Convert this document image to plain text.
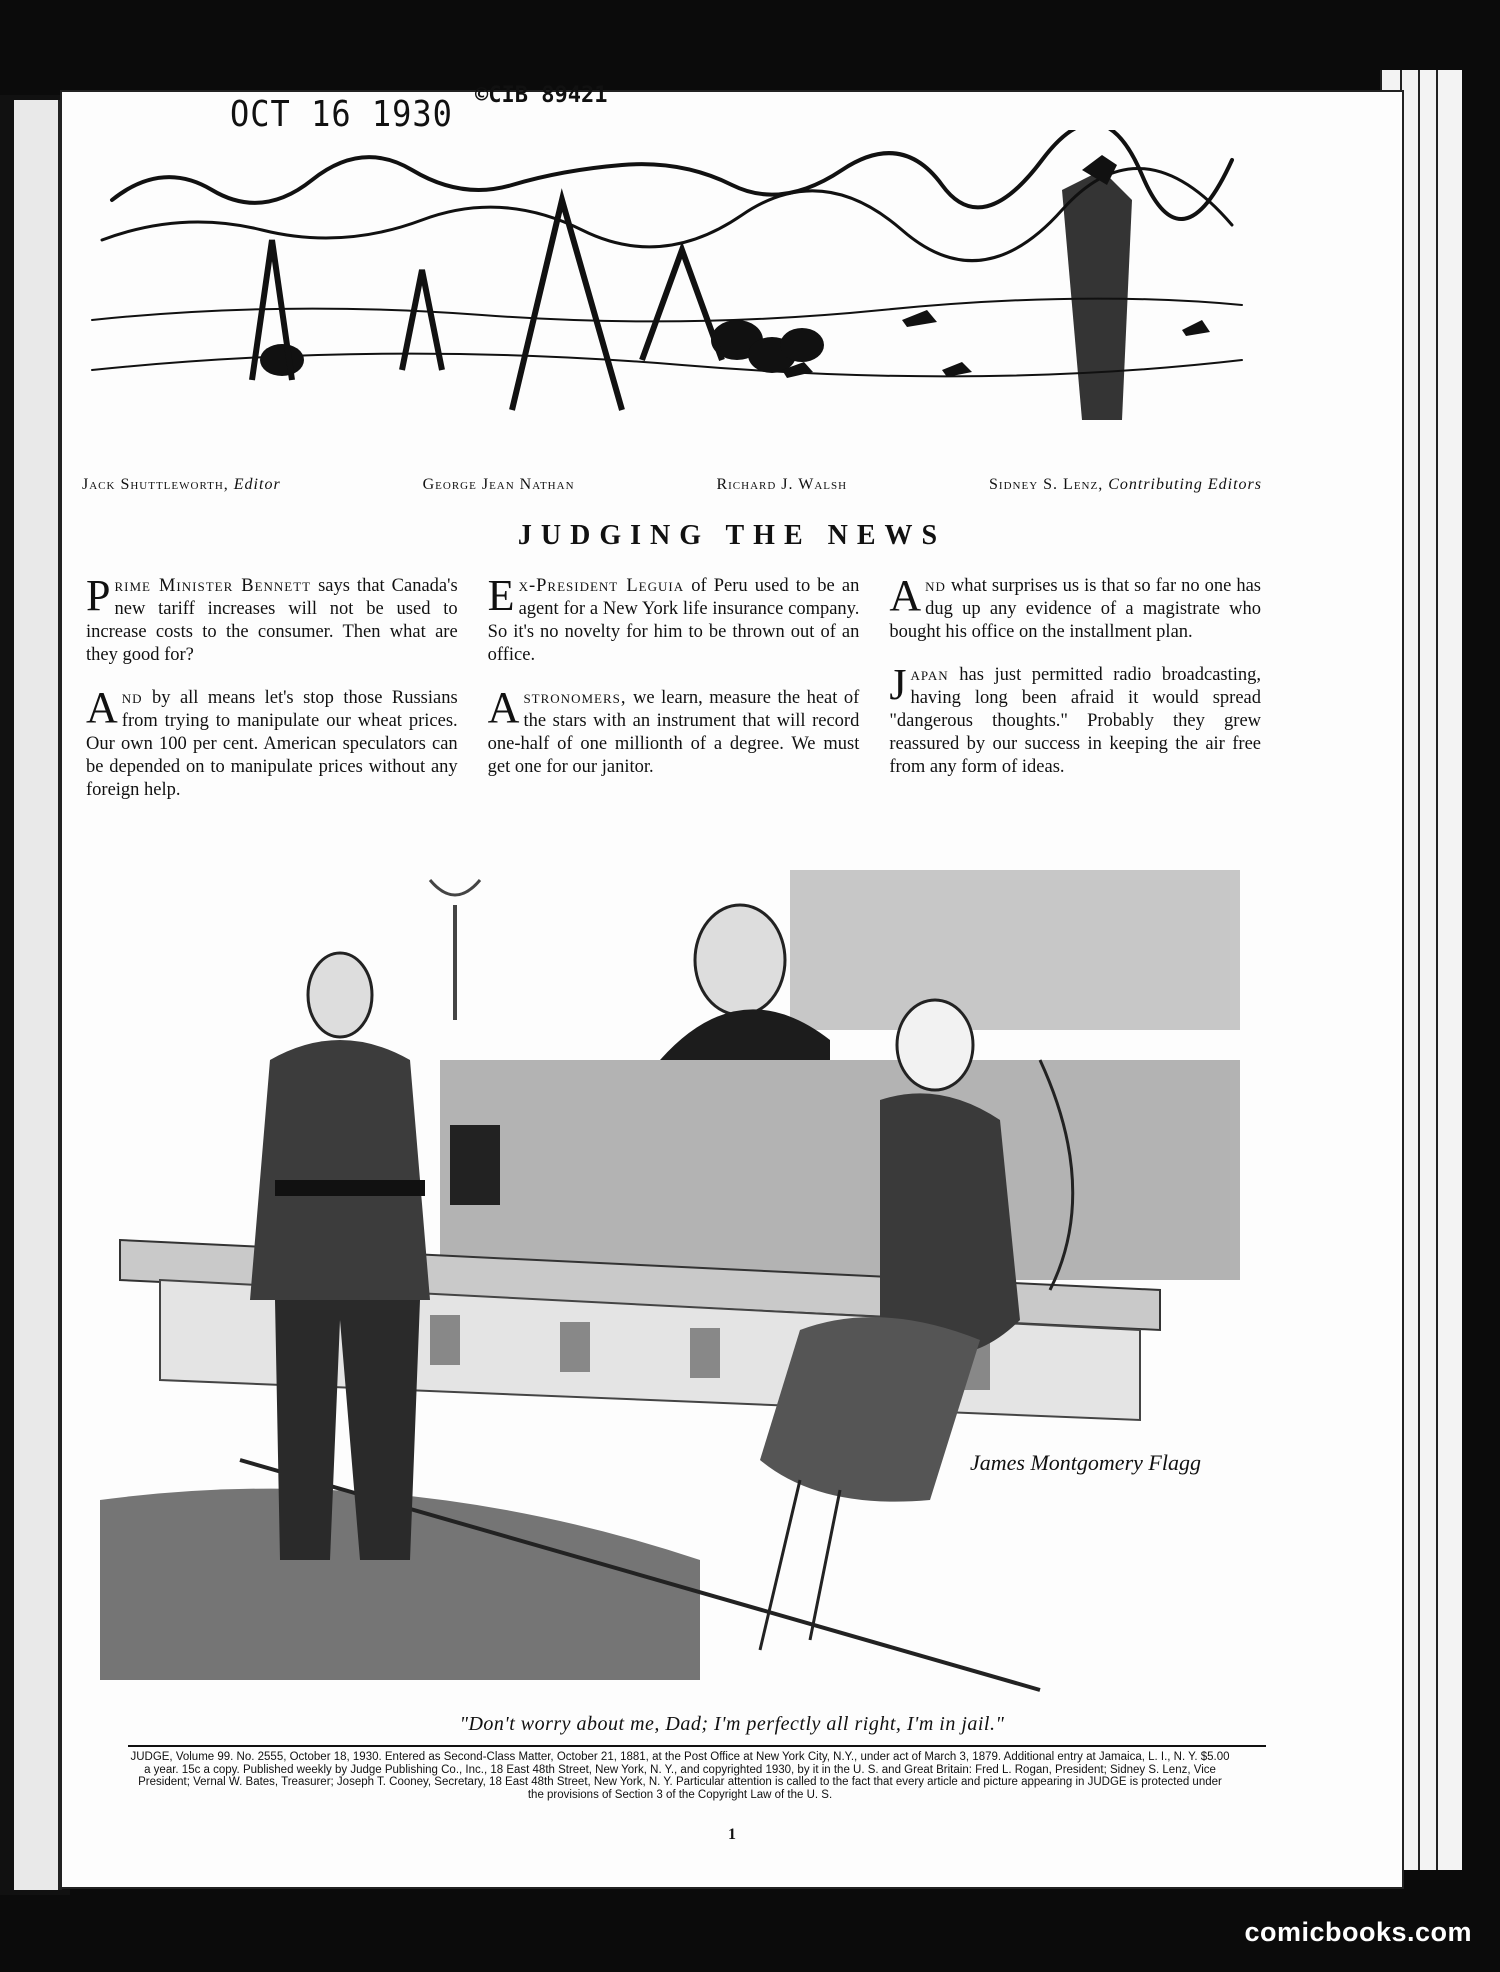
OCT 16 1930 ©CIB 89421
Jack Shuttleworth, Editor	George Jean Nathan	Richard J. Walsh	Sidney S. Lenz, Contributing Editors
JUDGING THE NEWS

Prime Minister Bennett says that Canada's new tariff increases will not be used to increase costs to the consumer. Then what are they good for?

And by all means let's stop those Russians from trying to manipulate our wheat prices. Our own 100 per cent. American speculators can be depended on to manipulate prices without any foreign help.

Ex-President Leguia of Peru used to be an agent for a New York life insurance company. So it's no novelty for him to be thrown out of an office.

Astronomers, we learn, measure the heat of the stars with an instrument that will record one-half of one millionth of a degree. We must get one for our janitor.

And what surprises us is that so far no one has dug up any evidence of a magistrate who bought his office on the installment plan.

Japan has just permitted radio broadcasting, having long been afraid it would spread "dangerous thoughts." Probably they grew reassured by our success in keeping the air free from any form of ideas.

James Montgomery Flagg
"Don't worry about me, Dad; I'm perfectly all right, I'm in jail."
JUDGE, Volume 99. No. 2555, October 18, 1930. Entered as Second-Class Matter, October 21, 1881, at the Post Office at New York City, N.Y., under act of March 3, 1879. Additional entry at Jamaica, L. I., N. Y. $5.00 a year. 15c a copy. Published weekly by Judge Publishing Co., Inc., 18 East 48th Street, New York, N. Y., and copyrighted 1930, by it in the U. S. and Great Britain: Fred L. Rogan, President; Sidney S. Lenz, Vice President; Vernal W. Bates, Treasurer; Joseph T. Cooney, Secretary, 18 East 48th Street, New York, N. Y. Particular attention is called to the fact that every article and picture appearing in JUDGE is protected under the provisions of Section 3 of the Copyright Law of the U. S.
1
comicbooks.com
